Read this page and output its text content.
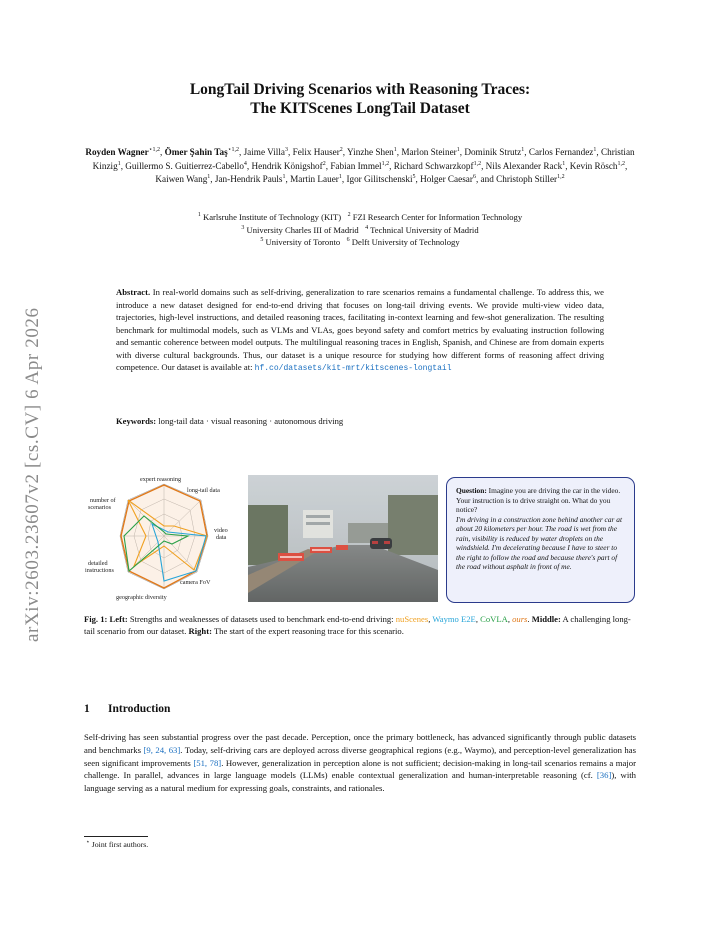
arXiv:2603.23607v2 [cs.CV] 6 Apr 2026
LongTail Driving Scenarios with Reasoning Traces:
The KITScenes LongTail Dataset
Royden Wagner$^{⋆1,2}$, Ömer Şahin Taş$^{⋆1,2}$, Jaime Villa$^3$, Felix Hauser$^2$, Yinzhe Shen$^1$, Marlon Steiner$^1$, Dominik Strutz$^1$, Carlos Fernandez$^1$, Christian Kinzig$^1$, Guillermo S. Guitierrez-Cabello$^4$, Hendrik Königshof$^2$, Fabian Immel$^{1,2}$, Richard Schwarzkopf$^{1,2}$, Nils Alexander Rack$^1$, Kevin Rösch$^{1,2}$, Kaiwen Wang$^1$, Jan-Hendrik Pauls$^1$, Martin Lauer$^1$, Igor Gilitschenski$^5$, Holger Caesar$^6$, and Christoph Stiller$^{1,2}$
$^1$ Karlsruhe Institute of Technology (KIT) $^2$ FZI Research Center for Information Technology
$^3$ University Charles III of Madrid $^4$ Technical University of Madrid
$^5$ University of Toronto $^6$ Delft University of Technology
Abstract. In real-world domains such as self-driving, generalization to rare scenarios remains a fundamental challenge. To address this, we introduce a new dataset designed for end-to-end driving that focuses on long-tail driving events. We provide multi-view video data, trajectories, high-level instructions, and detailed reasoning traces, facilitating in-context learning and few-shot generalization. The resulting benchmark for multimodal models, such as VLMs and VLAs, goes beyond safety and comfort metrics by evaluating instruction following and semantic coherence between model outputs. The multilingual reasoning traces in English, Spanish, and Chinese are from domain experts with diverse cultural backgrounds. Thus, our dataset is a unique resource for studying how different forms of reasoning affect driving competence. Our dataset is available at: hf.co/datasets/kit-mrt/kitscenes-longtail
Keywords: long-tail data · visual reasoning · autonomous driving
expert reasoning
long-tail data
video
data
number of
scenarios
detailed
instructions
camera FoV
geographic diversity
Question: Imagine you are driving the car in the video. Your instruction is to drive straight on. What do you notice?
I'm driving in a construction zone behind another car at about 20 kilometers per hour. The road is wet from the rain, visibility is reduced by water droplets on the windshield. I'm decelerating because I have to steer to the right to follow the road and because there's part of the road without asphalt in front of me.
Fig. 1: Left: Strengths and weaknesses of datasets used to benchmark end-to-end driving: nuScenes, Waymo E2E, CoVLA, ours. Middle: A challenging long-tail scenario from our dataset. Right: The start of the expert reasoning trace for this scenario.
1 Introduction
Self-driving has seen substantial progress over the past decade. Perception, once the primary bottleneck, has advanced significantly through public datasets and benchmarks [9, 24, 63]. Today, self-driving cars are deployed across diverse geographical regions (e.g., Waymo), and perception-level generalization has seen significant improvements [51, 78]. However, generalization in perception alone is not sufficient; decision-making in long-tail scenarios remains a major challenge. In parallel, advances in large language models (LLMs) enable contextual generalization and human-interpretable reasoning (cf. [36]), with language serving as a natural medium for expressing goals, constraints, and rationales.
⋆ Joint first authors.
